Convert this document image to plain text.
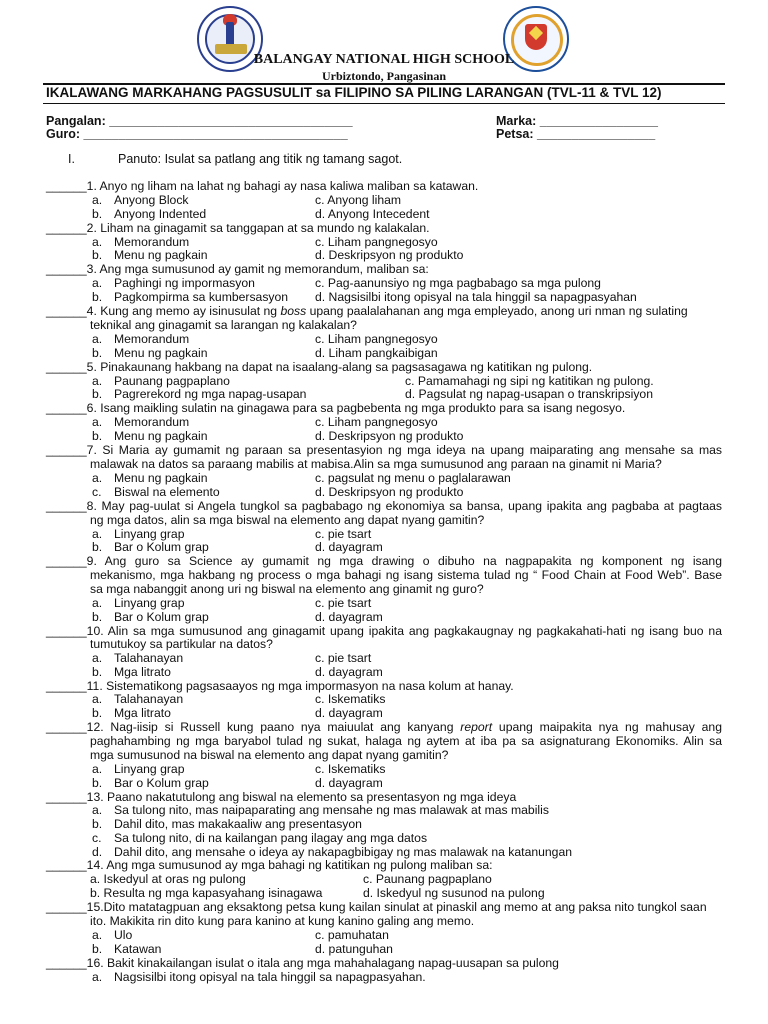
BALANGAY NATIONAL HIGH SCHOOL
Urbiztondo, Pangasinan
IKALAWANG MARKAHANG PAGSUSULIT sa FILIPINO SA PILING LARANGAN (TVL-11 & TVL 12)
Pangalan: ___________________________________	Marka: _________________
Guro: ______________________________________	Petsa: _________________
I.	Panuto: Isulat sa patlang ang titik ng tamang sagot.
______1. Anyo ng liham na lahat ng bahagi ay nasa kaliwa maliban sa katawan.
a. Anyong Block	c. Anyong liham
b. Anyong Indented	d. Anyong Intecedent
______2. Liham na ginagamit sa tanggapan at sa mundo ng kalakalan.
a. Memorandum	c. Liham pangnegosyo
b. Menu ng pagkain	d. Deskripsyon ng produkto
______3. Ang mga sumusunod ay gamit ng memorandum, maliban sa:
a. Paghingi ng impormasyon	c. Pag-aanunsiyo ng mga pagbabago sa mga pulong
b. Pagkompirma sa kumbersasyon d. Nagsisilbi itong opisyal na tala hinggil sa napagpasyahan
______4. Kung ang memo ay isinusulat ng boss upang paalalahanan ang mga empleyado, anong uri nman ng sulating
teknikal ang ginagamit sa larangan ng kalakalan?
a. Memorandum	c. Liham pangnegosyo
b. Menu ng pagkain	d. Liham pangkaibigan
______5. Pinakaunang hakbang na dapat na isaalang-alang sa pagsasagawa ng katitikan ng pulong.
a. Paunang pagpaplano	c. Pamamahagi ng sipi ng katitikan ng pulong.
b. Pagrerekord ng mga napag-usapan	d. Pagsulat ng napag-usapan o transkripsiyon
______6. Isang maikling sulatin na ginagawa para sa pagbebenta ng mga produkto para sa isang negosyo.
a. Memorandum	c. Liham pangnegosyo
b. Menu ng pagkain	d. Deskripsyon ng produkto
______7. Si Maria ay gumamit ng paraan sa presentasyion ng mga ideya na upang maiparating ang mensahe sa mas
malawak na datos sa paraang mabilis at mabisa.Alin sa mga sumusunod ang paraan na ginamit ni Maria?
a. Menu ng pagkain	c. pagsulat ng menu o paglalarawan
c. Biswal na elemento	d. Deskripsyon ng produkto
______8. May pag-uulat si Angela tungkol sa pagbabago ng ekonomiya sa bansa, upang ipakita ang pagbaba at pagtaas
ng mga datos, alin sa mga biswal na elemento ang dapat nyang gamitin?
a. Linyang grap	c. pie tsart
b. Bar o Kolum grap	d. dayagram
______9. Ang guro sa Science ay gumamit ng mga drawing o dibuho na nagpapakita ng komponent ng isang
mekanismo, mga hakbang ng process o mga bahagi ng isang sistema tulad ng “ Food Chain at Food Web”. Base
sa mga nabanggit anong uri ng biswal na elemento ang ginamit ng guro?
a. Linyang grap	c. pie tsart
b. Bar o Kolum grap	d. dayagram
______10. Alin sa mga sumusunod ang ginagamit upang ipakita ang pagkakaugnay ng pagkakahati-hati ng isang buo na
tumutukoy sa partikular na datos?
a. Talahanayan	c. pie tsart
b. Mga litrato	d. dayagram
______11. Sistematikong pagsasaayos ng mga impormasyon na nasa kolum at hanay.
a. Talahanayan	c. Iskematiks
b. Mga litrato	d. dayagram
______12. Nag-iisip si Russell kung paano nya maiuulat ang kanyang report upang maipakita nya ng mahusay ang
paghahambing ng mga baryabol tulad ng sukat, halaga ng aytem at iba pa sa asignaturang Ekonomiks. Alin sa
mga sumusunod na biswal na elemento ang dapat nyang gamitin?
a. Linyang grap	c. Iskematiks
b. Bar o Kolum grap	d. dayagram
______13. Paano nakatutulong ang biswal na elemento sa presentasyon ng mga ideya
a. Sa tulong nito, mas naipaparating ang mensahe ng mas malawak at mas mabilis
b. Dahil dito, mas makakaaliw ang presentasyon
c. Sa tulong nito, di na kailangan pang ilagay ang mga datos
d. Dahil dito, ang mensahe o ideya ay nakapagbibigay ng mas malawak na katanungan
______14. Ang mga sumusunod ay mga bahagi ng katitikan ng pulong maliban sa:
a. Iskedyul at oras ng pulong	c. Paunang pagpaplano
b. Resulta ng mga kapasyahang isinagawa	d. Iskedyul ng susunod na pulong
______15.Dito matatagpuan ang eksaktong petsa kung kailan sinulat at pinaskil ang memo at ang paksa nito tungkol saan
ito. Makikita rin dito kung para kanino at kung kanino galing ang memo.
a. Ulo	c. pamuhatan
b. Katawan	d. patunguhan
______16. Bakit kinakailangan isulat o itala ang mga mahahalagang napag-uusapan sa pulong
a. Nagsisilbi itong opisyal na tala hinggil sa napagpasyahan.
